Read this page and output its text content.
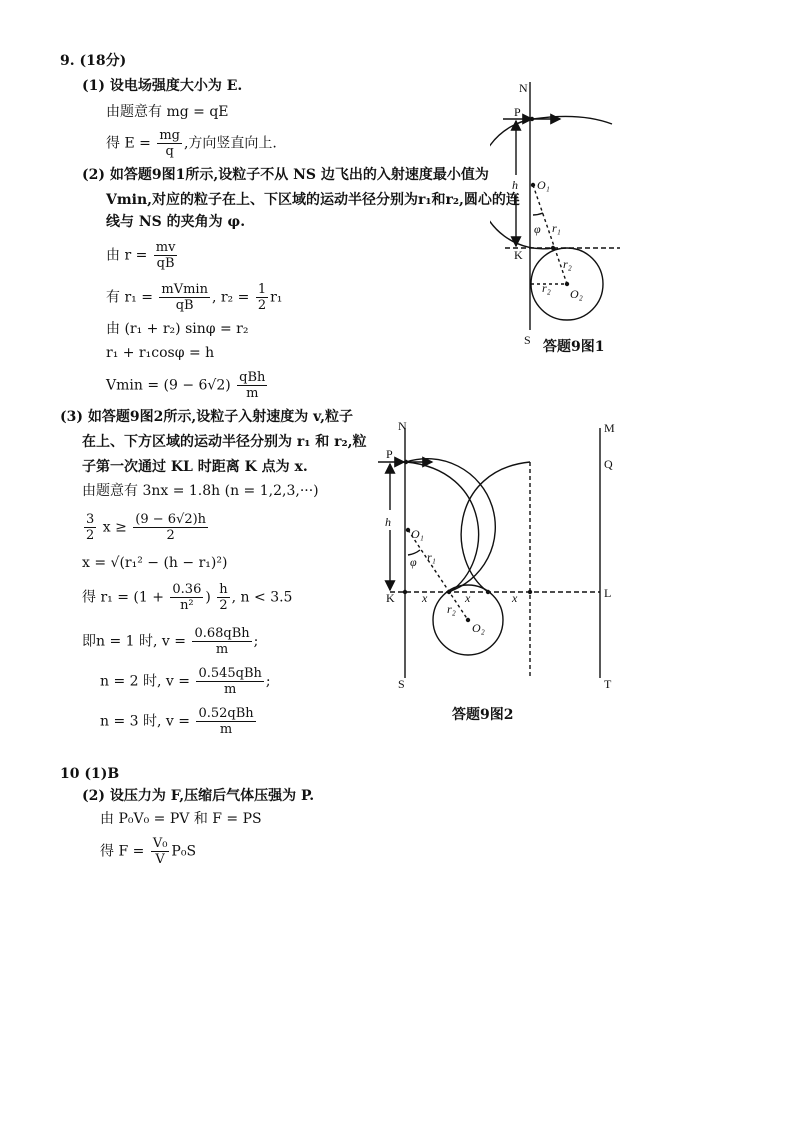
9. (18分)
(1) 设电场强度大小为 E.
由题意有 mg = qE
得 $E = \frac{mg}{q}$ ,方向竖直向上.
(2) 如答题9图1所示,设粒子不从 NS 边飞出的入射速度最小值为
Vmin,对应的粒子在上、下区域的运动半径分别为r₁和r₂,圆心的连
线与 NS 的夹角为 φ.
由 $r = \frac{mv}{qB}$
有 $r_1 = \frac{mVmin}{qB}$ , $r_2 = \frac{1}{2} r_1$
由 (r₁ + r₂) sinφ = r₂
r₁ + r₁cosφ = h
$Vmin = (9 - 6√2) \frac{\text{qBh}}{m}$
(3) 如答题9图2所示,设粒子入射速度为 v,粒子
在上、下方区域的运动半径分别为 r₁ 和 r₂,粒
子第一次通过 KL 时距离 K 点为 x.
由题意有 3nx = 1.8h (n = 1,2,3,···)
$\frac{3}{2}$ $x \ge \frac{(9 - 6√2)h}{2}$
x = √(r₁² − (h − r₁)²)
得 $r_1 = (1 + \frac{0.36}{\text{n²}}$ ) $\frac{h}{2}$ , n < 3.5
即n = 1 时, $v = \frac{\text{0.68qBh}}{m}$ ;
n = 2 时, $v = \frac{\text{0.545qBh}}{m}$ ;
n = 3 时, $v = \frac{\text{0.52qBh}}{m}$
10 (1)B
(2) 设压力为 F,压缩后气体压强为 P.
由 P₀V₀ = PV 和 F = PS
得 $F = \frac{\text{V₀}}{V} P_0S$
N
P
h O₁
φ r₁
K
r₂
r₂ O₂
S 答题9图1
N	M
P
Q
h
O₁
r₁
φ
K x	x	x	L
r₂
O₂
S	T
答题9图2
